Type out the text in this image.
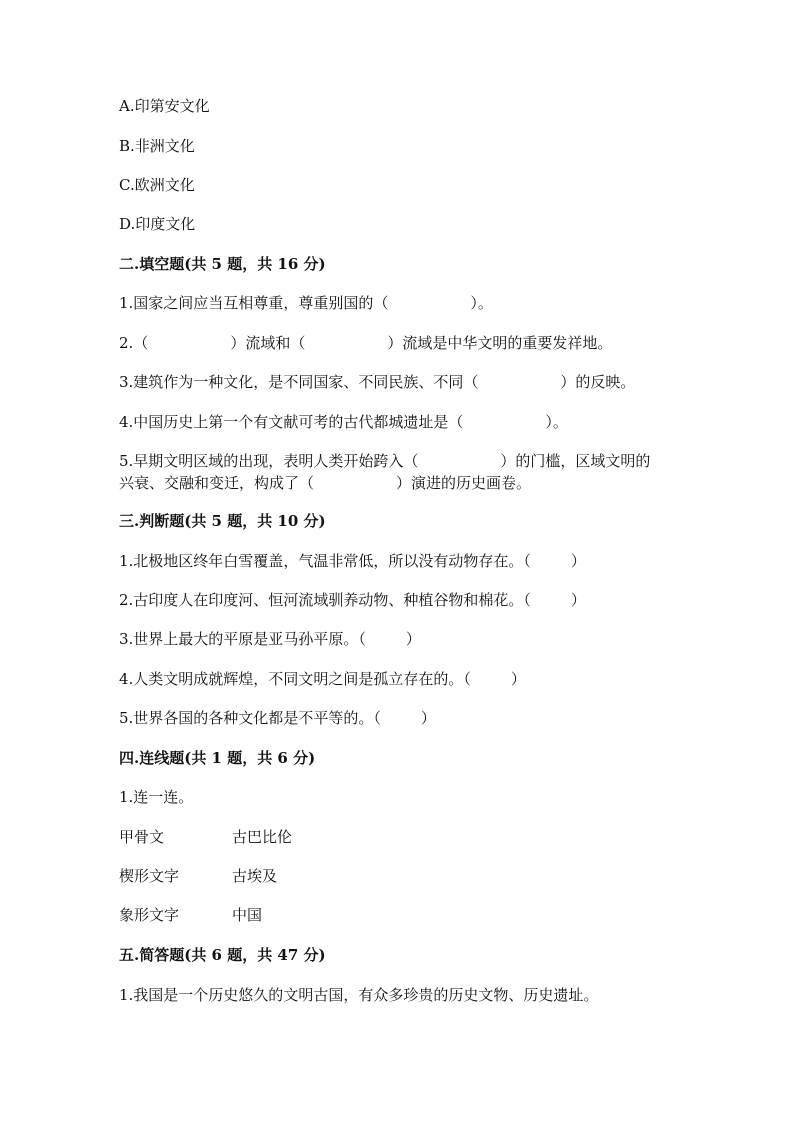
A.印第安文化
B.非洲文化
C.欧洲文化
D.印度文化
二.填空题(共 5 题，共 16 分)
1.国家之间应当互相尊重，尊重别国的（	）。
2.（	）流域和（	）流域是中华文明的重要发祥地。
3.建筑作为一种文化，是不同国家、不同民族、不同（	）的反映。
4.中国历史上第一个有文献可考的古代都城遗址是（	）。
5.早期文明区域的出现，表明人类开始跨入（	）的门槛，区域文明的
兴衰、交融和变迁，构成了（	）演进的历史画卷。
三.判断题(共 5 题，共 10 分)
1.北极地区终年白雪覆盖，气温非常低，所以没有动物存在。（	）
2.古印度人在印度河、恒河流域驯养动物、种植谷物和棉花。（	）
3.世界上最大的平原是亚马孙平原。（	）
4.人类文明成就辉煌，不同文明之间是孤立存在的。（	）
5.世界各国的各种文化都是不平等的。（	）
四.连线题(共 1 题，共 6 分)
1.连一连。
甲骨文	古巴比伦
楔形文字	古埃及
象形文字	中国
五.简答题(共 6 题，共 47 分)
1.我国是一个历史悠久的文明古国，有众多珍贵的历史文物、历史遗址。
